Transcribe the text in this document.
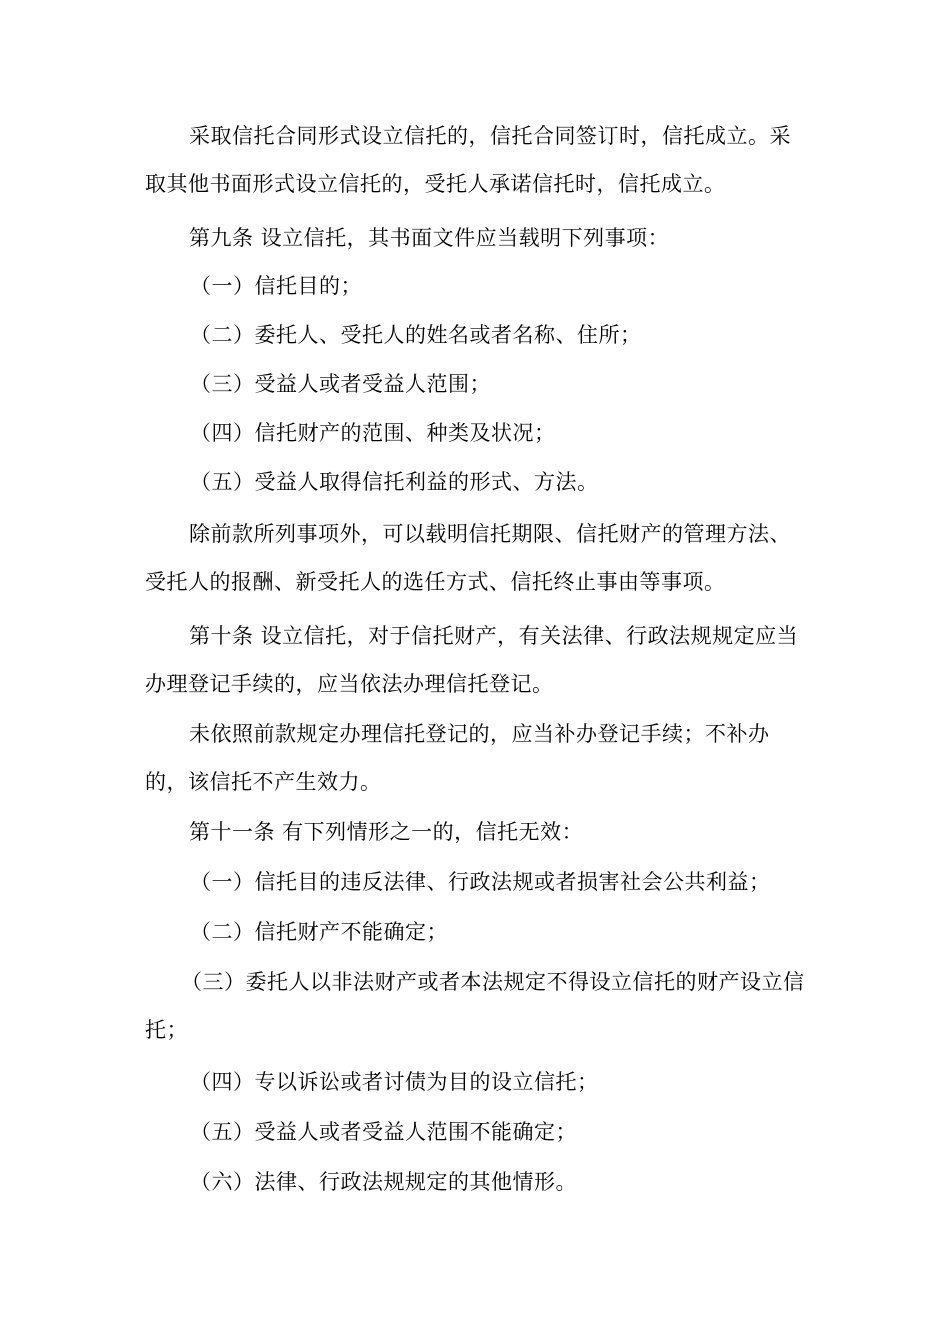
采取信托合同形式设立信托的，信托合同签订时，信托成立。采取其他书面形式设立信托的，受托人承诺信托时，信托成立。

第九条 设立信托，其书面文件应当载明下列事项：

（一）信托目的；

（二）委托人、受托人的姓名或者名称、住所；

（三）受益人或者受益人范围；

（四）信托财产的范围、种类及状况；

（五）受益人取得信托利益的形式、方法。

除前款所列事项外，可以载明信托期限、信托财产的管理方法、受托人的报酬、新受托人的选任方式、信托终止事由等事项。

第十条 设立信托，对于信托财产，有关法律、行政法规规定应当办理登记手续的，应当依法办理信托登记。

未依照前款规定办理信托登记的，应当补办登记手续；不补办的，该信托不产生效力。

第十一条 有下列情形之一的，信托无效：

（一）信托目的违反法律、行政法规或者损害社会公共利益；

（二）信托财产不能确定；

（三）委托人以非法财产或者本法规定不得设立信托的财产设立信托；

（四）专以诉讼或者讨债为目的设立信托；

（五）受益人或者受益人范围不能确定；

（六）法律、行政法规规定的其他情形。
